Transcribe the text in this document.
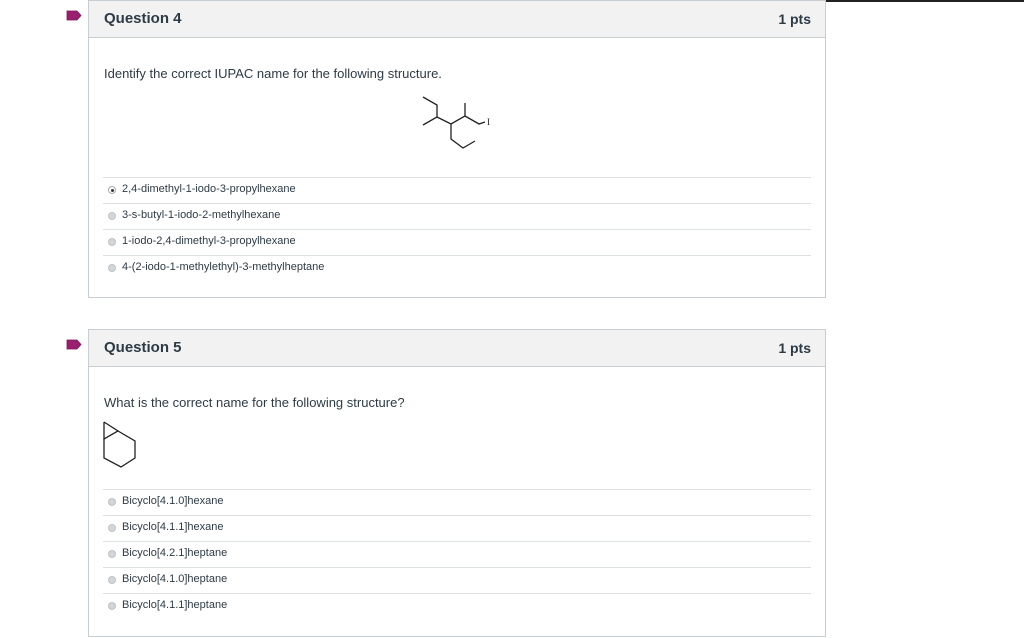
Question 4	1 pts
Identify the correct IUPAC name for the following structure.
I
2,4-dimethyl-1-iodo-3-propylhexane
3-s-butyl-1-iodo-2-methylhexane
1-iodo-2,4-dimethyl-3-propylhexane
4-(2-iodo-1-methylethyl)-3-methylheptane
Question 5	1 pts
What is the correct name for the following structure?
Bicyclo[4.1.0]hexane
Bicyclo[4.1.1]hexane
Bicyclo[4.2.1]heptane
Bicyclo[4.1.0]heptane
Bicyclo[4.1.1]heptane
